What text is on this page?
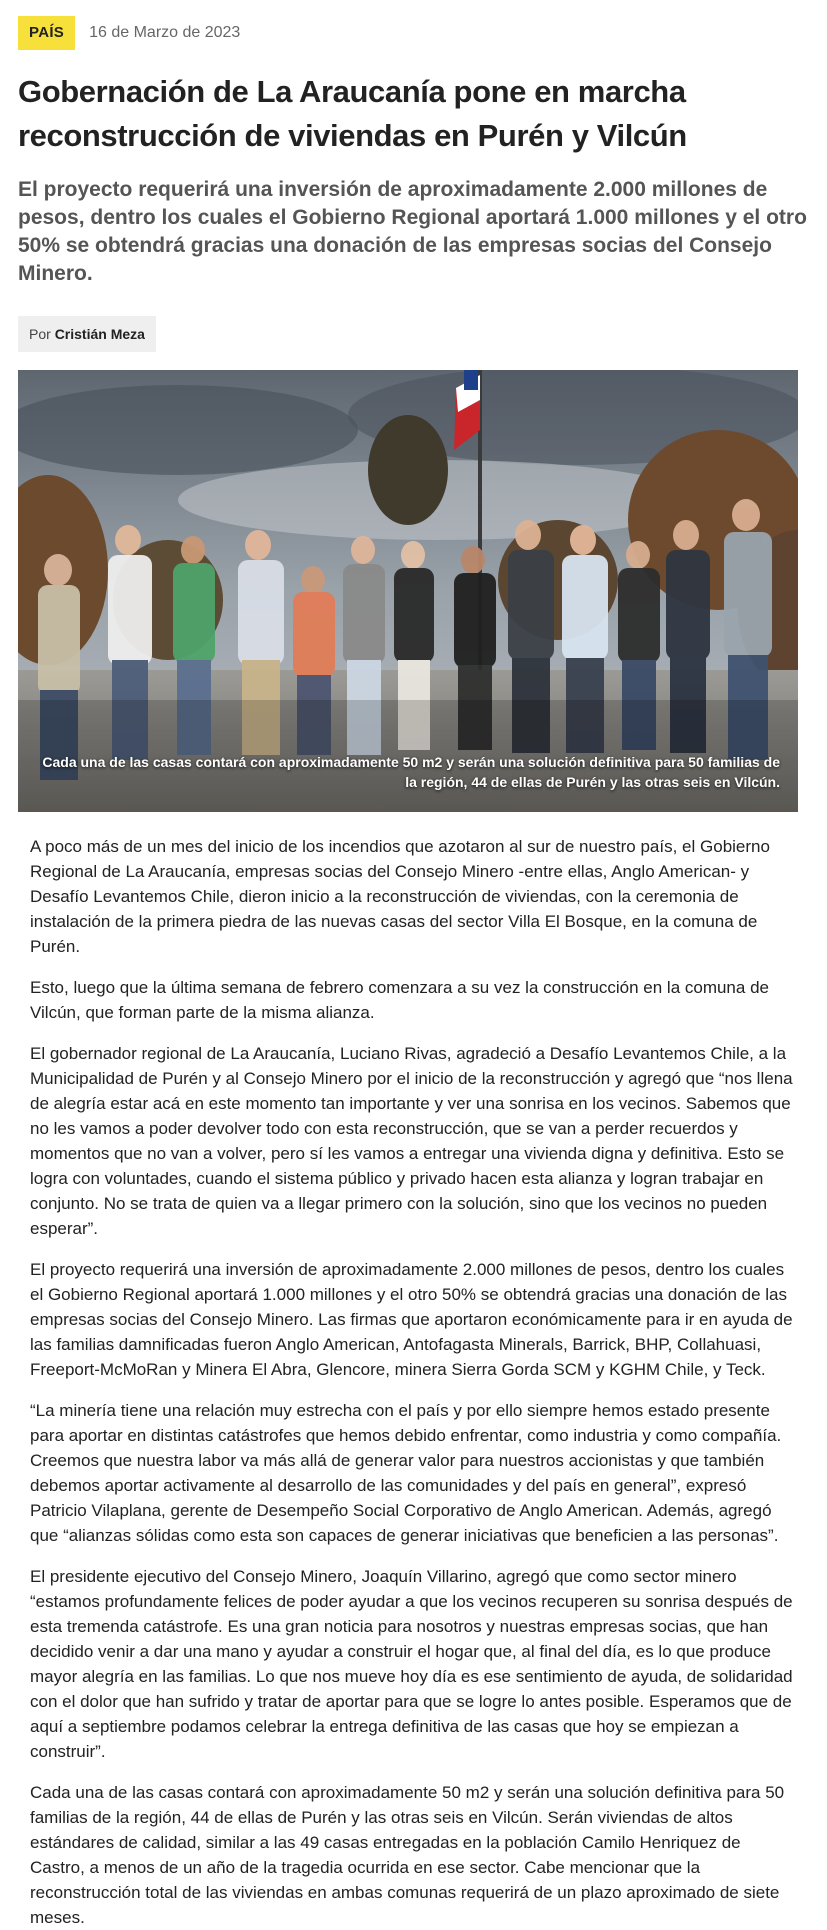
PAÍS	16 de Marzo de 2023
Gobernación de La Araucanía pone en marcha reconstrucción de viviendas en Purén y Vilcún

El proyecto requerirá una inversión de aproximadamente 2.000 millones de pesos, dentro los cuales el Gobierno Regional aportará 1.000 millones y el otro 50% se obtendrá gracias una donación de las empresas socias del Consejo Minero.

Por Cristián Meza
Cada una de las casas contará con aproximadamente 50 m2 y serán una solución definitiva para 50 familias de la región, 44 de ellas de Purén y las otras seis en Vilcún.

A poco más de un mes del inicio de los incendios que azotaron al sur de nuestro país, el Gobierno Regional de La Araucanía, empresas socias del Consejo Minero -entre ellas, Anglo American- y Desafío Levantemos Chile, dieron inicio a la reconstrucción de viviendas, con la ceremonia de instalación de la primera piedra de las nuevas casas del sector Villa El Bosque, en la comuna de Purén.

Esto, luego que la última semana de febrero comenzara a su vez la construcción en la comuna de Vilcún, que forman parte de la misma alianza.

El gobernador regional de La Araucanía, Luciano Rivas, agradeció a Desafío Levantemos Chile, a la Municipalidad de Purén y al Consejo Minero por el inicio de la reconstrucción y agregó que “nos llena de alegría estar acá en este momento tan importante y ver una sonrisa en los vecinos. Sabemos que no les vamos a poder devolver todo con esta reconstrucción, que se van a perder recuerdos y momentos que no van a volver, pero sí les vamos a entregar una vivienda digna y definitiva. Esto se logra con voluntades, cuando el sistema público y privado hacen esta alianza y logran trabajar en conjunto. No se trata de quien va a llegar primero con la solución, sino que los vecinos no pueden esperar”.

El proyecto requerirá una inversión de aproximadamente 2.000 millones de pesos, dentro los cuales el Gobierno Regional aportará 1.000 millones y el otro 50% se obtendrá gracias una donación de las empresas socias del Consejo Minero. Las firmas que aportaron económicamente para ir en ayuda de las familias damnificadas fueron Anglo American, Antofagasta Minerals, Barrick, BHP, Collahuasi, Freeport-McMoRan y Minera El Abra, Glencore, minera Sierra Gorda SCM y KGHM Chile, y Teck.

“La minería tiene una relación muy estrecha con el país y por ello siempre hemos estado presente para aportar en distintas catástrofes que hemos debido enfrentar, como industria y como compañía. Creemos que nuestra labor va más allá de generar valor para nuestros accionistas y que también debemos aportar activamente al desarrollo de las comunidades y del país en general”, expresó Patricio Vilaplana, gerente de Desempeño Social Corporativo de Anglo American. Además, agregó que “alianzas sólidas como esta son capaces de generar iniciativas que beneficien a las personas”.

El presidente ejecutivo del Consejo Minero, Joaquín Villarino, agregó que como sector minero “estamos profundamente felices de poder ayudar a que los vecinos recuperen su sonrisa después de esta tremenda catástrofe. Es una gran noticia para nosotros y nuestras empresas socias, que han decidido venir a dar una mano y ayudar a construir el hogar que, al final del día, es lo que produce mayor alegría en las familias. Lo que nos mueve hoy día es ese sentimiento de ayuda, de solidaridad con el dolor que han sufrido y tratar de aportar para que se logre lo antes posible. Esperamos que de aquí a septiembre podamos celebrar la entrega definitiva de las casas que hoy se empiezan a construir”.

Cada una de las casas contará con aproximadamente 50 m2 y serán una solución definitiva para 50 familias de la región, 44 de ellas de Purén y las otras seis en Vilcún. Serán viviendas de altos estándares de calidad, similar a las 49 casas entregadas en la población Camilo Henriquez de Castro, a menos de un año de la tragedia ocurrida en ese sector. Cabe mencionar que la reconstrucción total de las viviendas en ambas comunas requerirá de un plazo aproximado de siete meses.
